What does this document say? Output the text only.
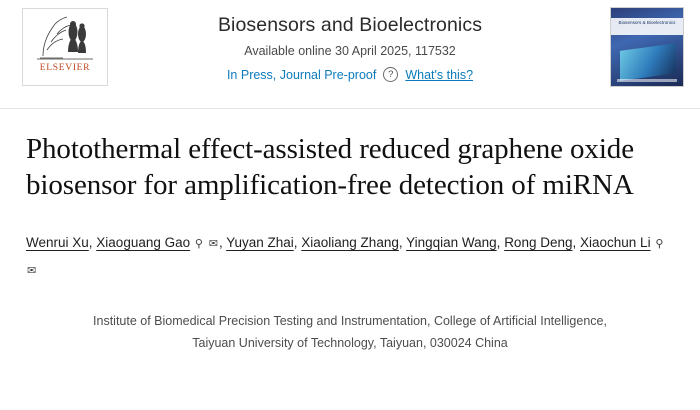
ELSEVIER
Biosensors and Bioelectronics
Available online 30 April 2025, 117532
In Press, Journal Pre-proof	? What's this?
Biosensors & Bioelectronics
Photothermal effect-assisted reduced graphene oxide biosensor for amplification-free detection of miRNA
Wenrui Xu, Xiaoguang Gao ⚲ ✉, Yuyan Zhai, Xiaoliang Zhang, Yingqian Wang, Rong Deng, Xiaochun Li ⚲ ✉
Institute of Biomedical Precision Testing and Instrumentation, College of Artificial Intelligence, Taiyuan University of Technology, Taiyuan, 030024 China
